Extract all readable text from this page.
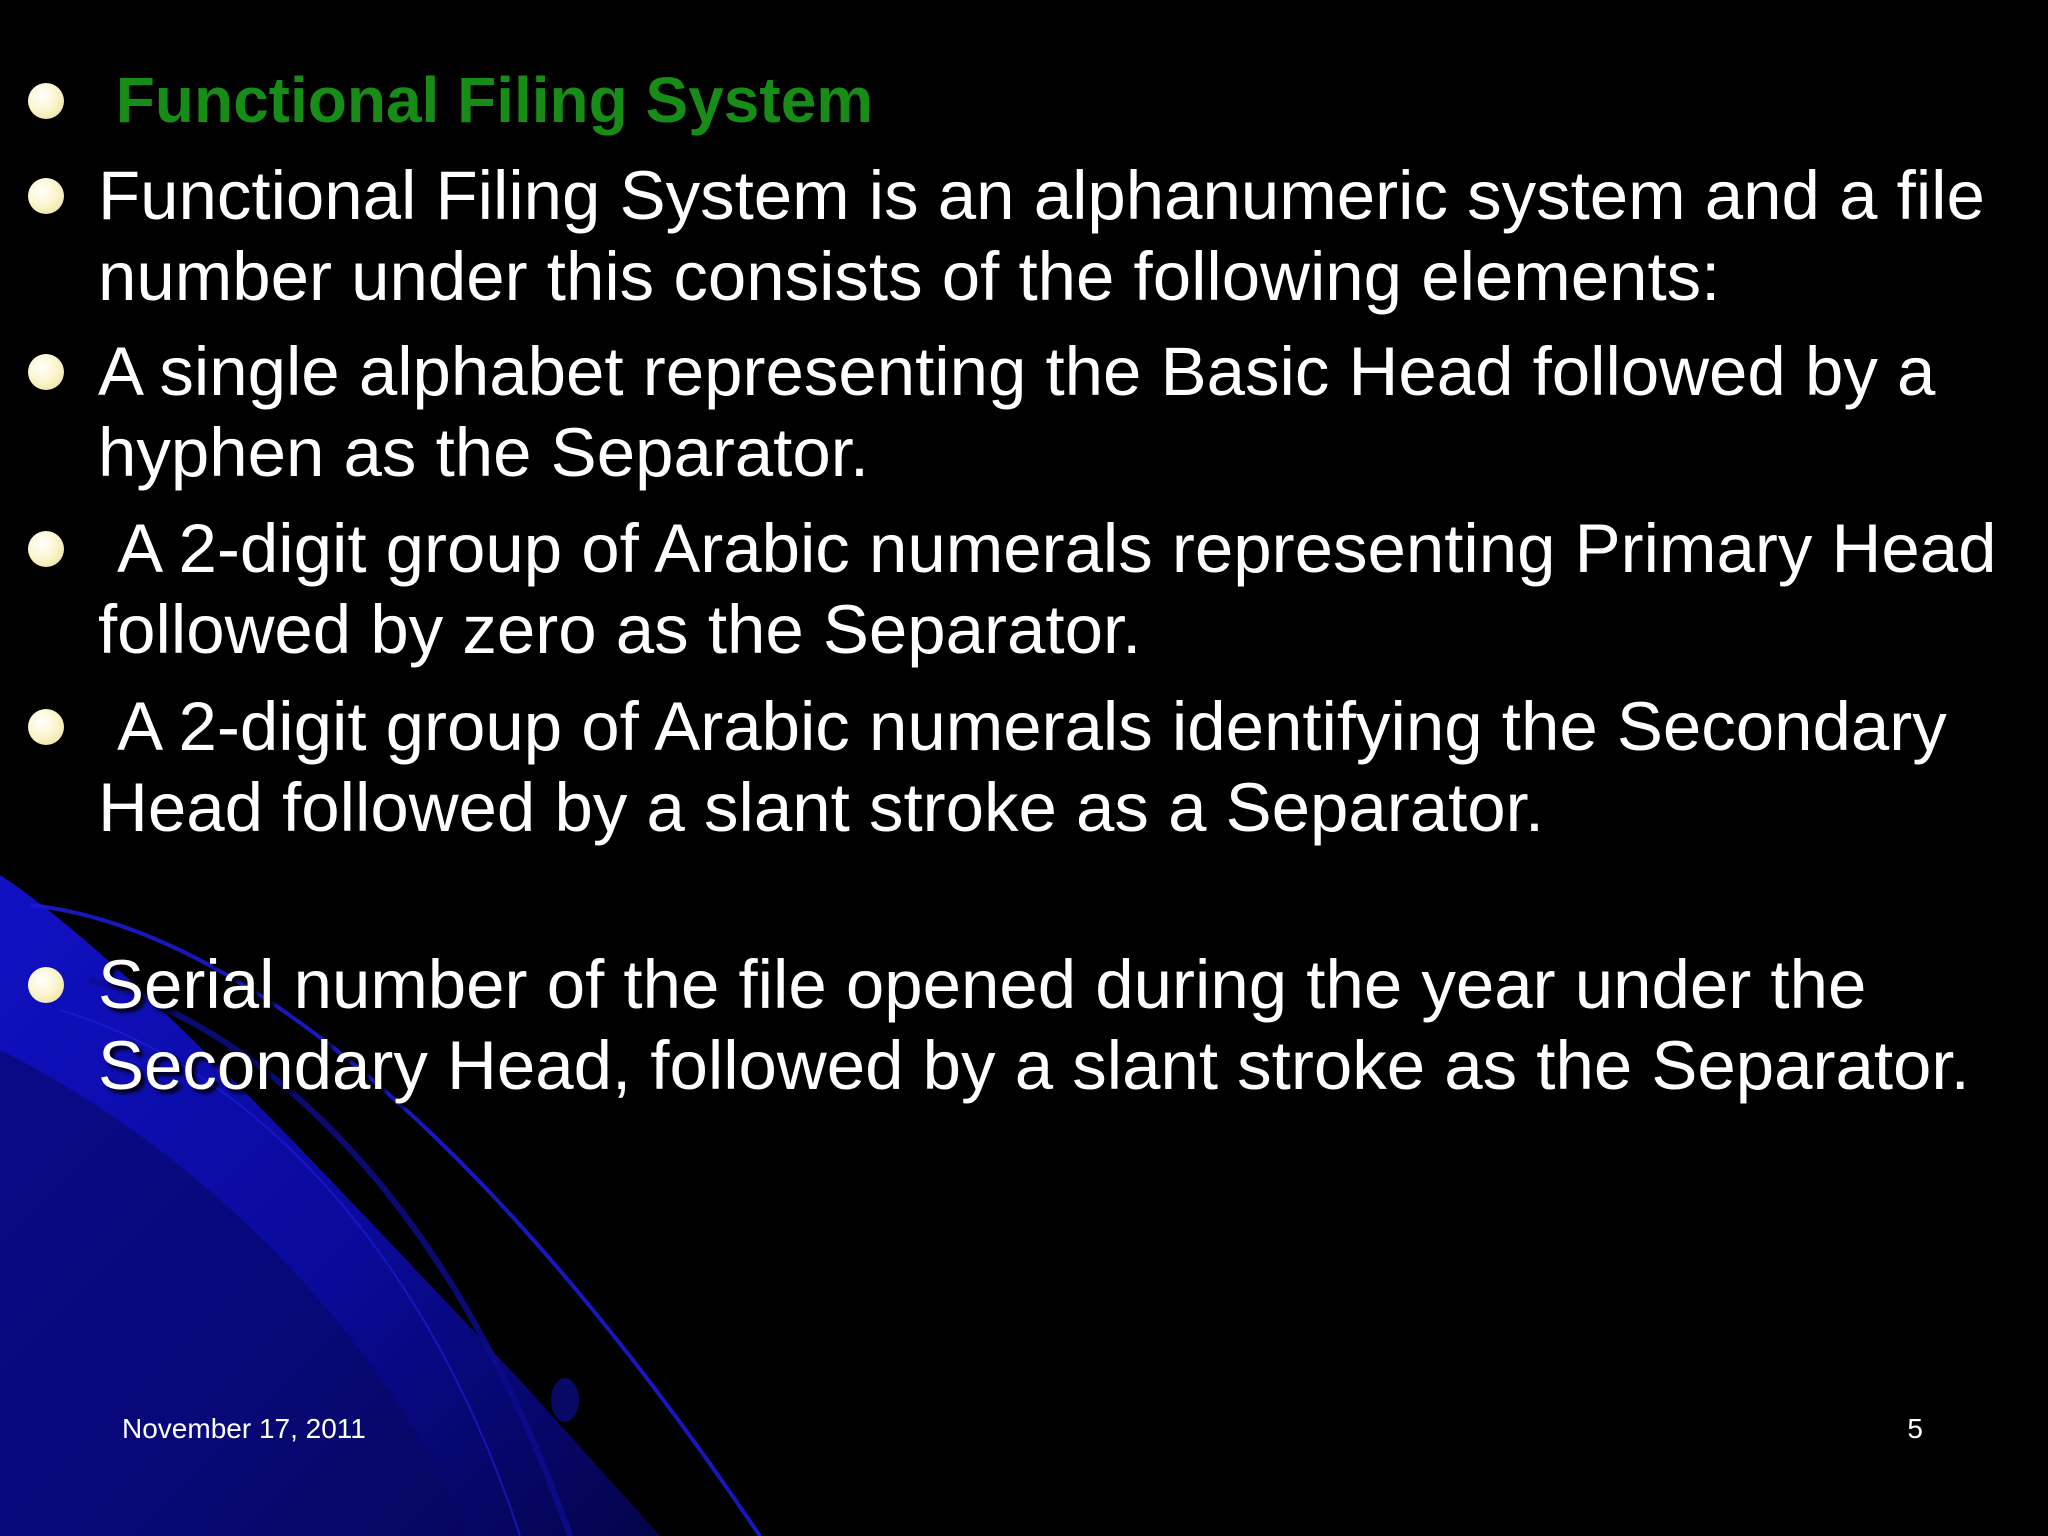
Functional Filing System
Functional Filing System is an alphanumeric system and a file number under this consists of the following elements:
A single alphabet representing the Basic Head followed by a hyphen as the Separator.
A 2-digit group of Arabic numerals representing Primary Head followed by zero as the Separator.
A 2-digit group of Arabic numerals identifying the Secondary Head followed by a slant stroke as a Separator.
Serial number of the file opened during the year under the Secondary Head, followed by a slant stroke as the Separator.
November 17, 2011	5
